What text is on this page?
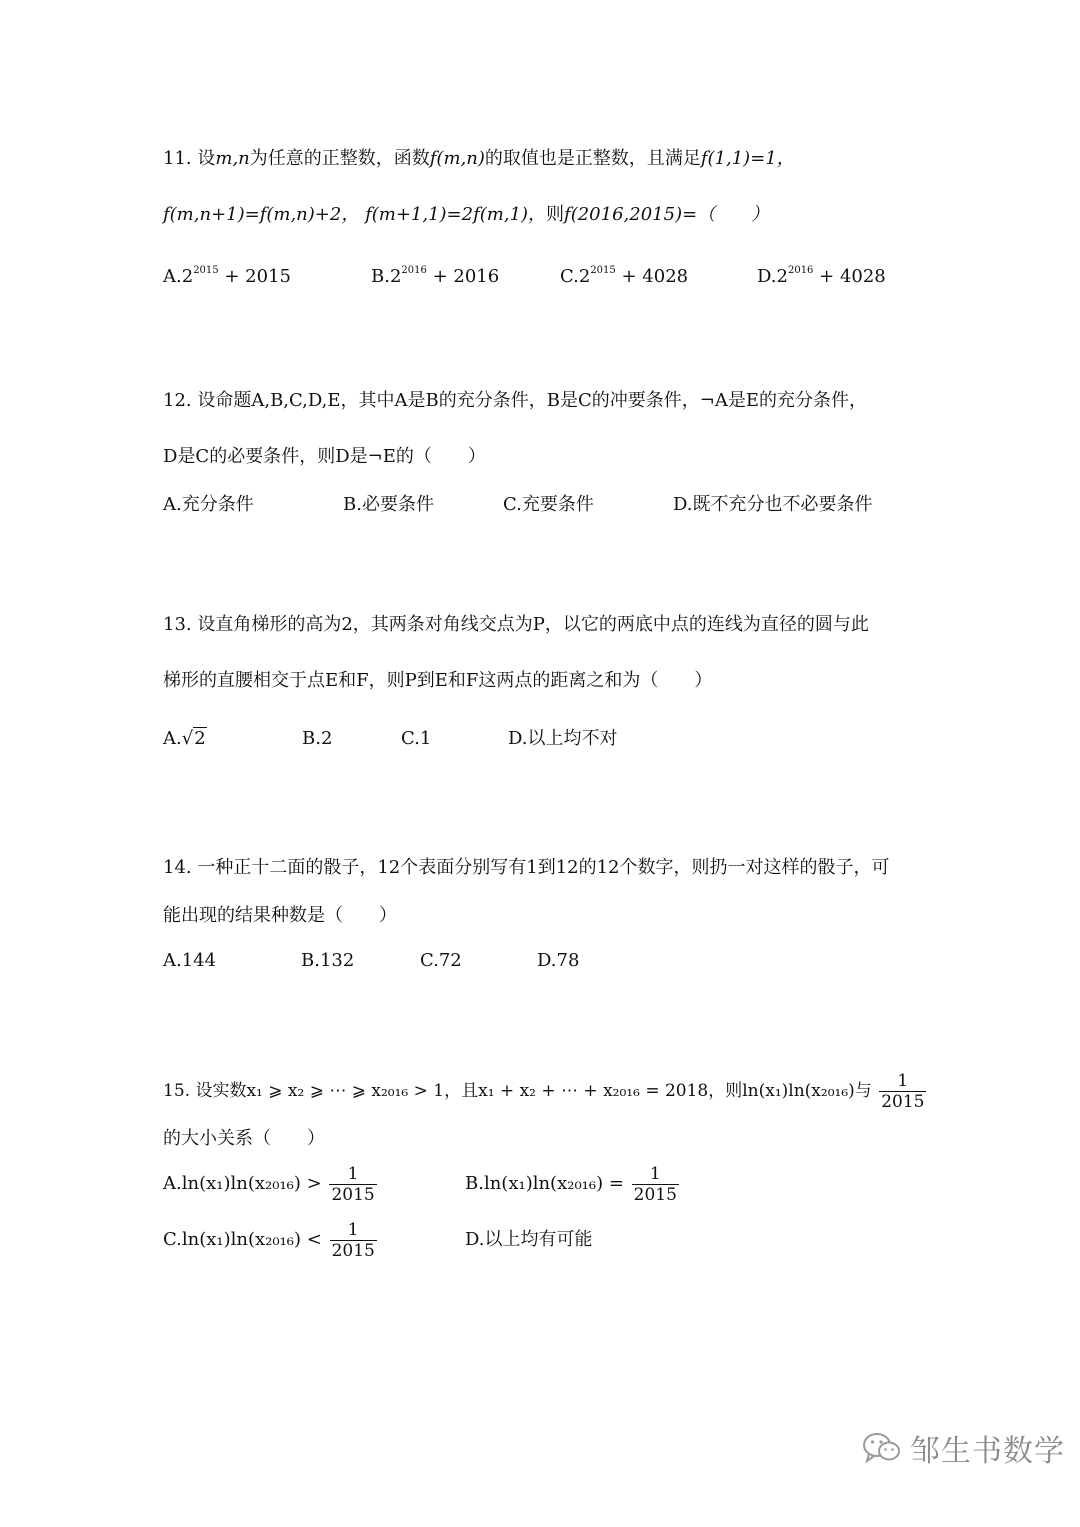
11. 设m,n为任意的正整数，函数f(m,n)的取值也是正整数，且满足f(1,1)=1，
f(m,n+1)=f(m,n)+2， f(m+1,1)=2f(m,1)，则f(2016,2015)=（　　）
$A.2^{2015} + 2015$	$B.2^{2016} + 2016$	$C.2^{2015} + 4028$	$D.2^{2016} + 4028$
12. 设命题A,B,C,D,E，其中A是B的充分条件，B是C的冲要条件，¬A是E的充分条件，
D是C的必要条件，则D是¬E的（　　）
A.充分条件	B.必要条件	C.充要条件	D.既不充分也不必要条件
13. 设直角梯形的高为2，其两条对角线交点为P，以它的两底中点的连线为直径的圆与此
梯形的直腰相交于点E和F，则P到E和F这两点的距离之和为（　　）
A.√2	B.2	C.1	D.以上均不对
14. 一种正十二面的骰子，12个表面分别写有1到12的12个数字，则扔一对这样的骰子，可
能出现的结果种数是（　　）
A.144	B.132	C.72	D.78
15. 设实数x₁ ⩾ x₂ ⩾ ⋯ ⩾ x₂₀₁₆ > 1，且x₁ + x₂ + ⋯ + x₂₀₁₆ = 2018，则ln(x₁)ln(x₂₀₁₆)与 $\frac{1}{2015}$
的大小关系（　　）
$A.\ln(x_1)\ln(x_{2016}) > \frac{1}{2015}$	$B.\ln(x_1)\ln(x_{2016}) = \frac{1}{2015}$
$C.\ln(x_1)\ln(x_{2016}) < \frac{1}{2015}$	D.以上均有可能
邹生书数学
